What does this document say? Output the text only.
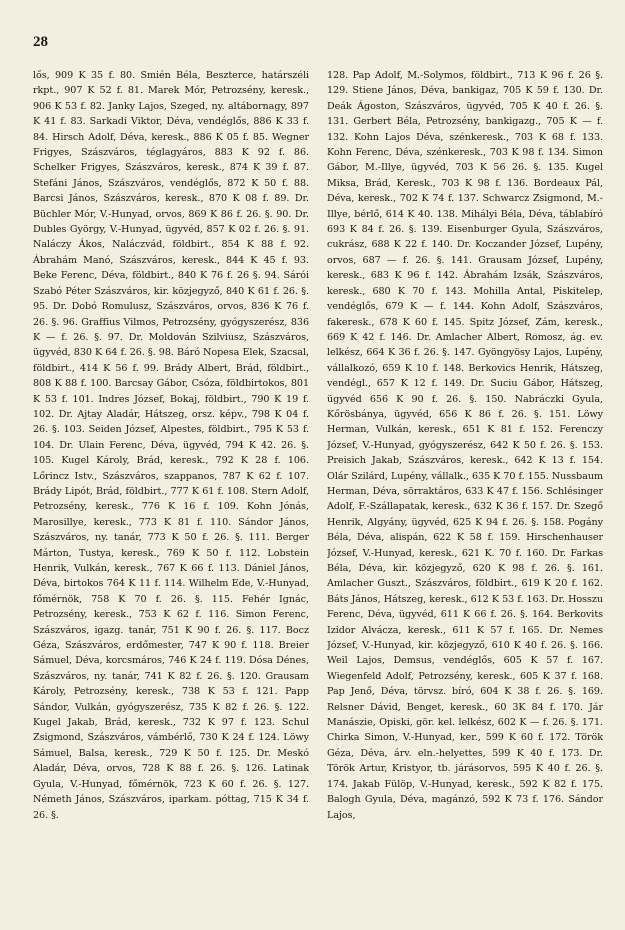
28
lős, 909 K 35 f. 80. Smién Béla, Beszterce, határszéli rkpt., 907 K 52 f. 81. Marek Mór, Petrozsény, keresk., 906 K 53 f. 82. Janky Lajos, Szeged, ny. altábornagy, 897 K 41 f. 83. Sarkadi Viktor, Déva, vendéglős, 886 K 33 f. 84. Hirsch Adolf, Déva, keresk., 886 K 05 f. 85. Wegner Frigyes, Szászváros, téglagyáros, 883 K 92 f. 86. Schelker Frigyes, Szászváros, keresk., 874 K 39 f. 87. Stefáni János, Szászváros, vendéglős, 872 K 50 f. 88. Barcsi János, Szászváros, keresk., 870 K 08 f. 89. Dr. Büchler Mór, V.-Hunyad, orvos, 869 K 86 f. 26. §. 90. Dr. Dubles György, V.-Hunyad, ügyvéd, 857 K 02 f. 26. §. 91. Naláczy Ákos, Naláczvád, földbirt., 854 K 88 f. 92. Ábrahám Manó, Szászváros, keresk., 844 K 45 f. 93. Beke Ferenc, Déva, földbirt., 840 K 76 f. 26 §. 94. Sárói Szabó Péter Szászváros, kir. közjegyző, 840 K 61 f. 26. §. 95. Dr. Dobó Romulusz, Szászváros, orvos, 836 K 76 f. 26. §. 96. Graffius Vilmos, Petrozsény, gyógyszerész, 836 K — f. 26. §. 97. Dr. Moldován Szilviusz, Szászváros, ügyvéd, 830 K 64 f. 26. §. 98. Báró Nopesa Elek, Szacsal, földbirt., 414 K 56 f. 99. Brády Albert, Brád, földbirt., 808 K 88 f. 100. Barcsay Gábor, Csóza, földbirtokos, 801 K 53 f. 101. Indres József, Bokaj, földbirt., 790 K 19 f. 102. Dr. Ajtay Aladár, Hátszeg, orsz. képv., 798 K 04 f. 26. §. 103. Seiden József, Alpestes, földbirt., 795 K 53 f. 104. Dr. Ulain Ferenc, Déva, ügyvéd, 794 K 42. 26. §. 105. Kugel Károly, Brád, keresk., 792 K 28 f. 106. Lőrincz Istv., Szászváros, szappanos, 787 K 62 f. 107. Brády Lipót, Brád, földbirt., 777 K 61 f. 108. Stern Adolf, Petrozsény, keresk., 776 K 16 f. 109. Kohn Jónás, Marosillye, keresk., 773 K 81 f. 110. Sándor János, Szászváros, ny. tanár, 773 K 50 f. 26. §. 111. Berger Márton, Tustya, keresk., 769 K 50 f. 112. Lobstein Henrik, Vulkán, keresk., 767 K 66 f. 113. Dániel János, Déva, birtokos 764 K 11 f. 114. Wilhelm Ede, V.-Hunyad, főmérnök, 758 K 70 f. 26. §. 115. Fehér Ignác, Petrozsény, keresk., 753 K 62 f. 116. Simon Ferenc, Szászváros, igazg. tanár, 751 K 90 f. 26. §. 117. Bocz Géza, Szászváros, erdőmester, 747 K 90 f. 118. Breier Sámuel, Déva, korcsmáros, 746 K 24 f. 119. Dósa Dénes, Szászváros, ny. tanár, 741 K 82 f. 26. §. 120. Grausam Károly, Petrozsény, keresk., 738 K 53 f. 121. Papp Sándor, Vulkán, gyógyszerész, 735 K 82 f. 26. §. 122. Kugel Jakab, Brád, keresk., 732 K 97 f. 123. Schul Zsigmond, Szászváros, vámbérlő, 730 K 24 f. 124. Löwy Sámuel, Balsa, keresk., 729 K 50 f. 125. Dr. Meskó Aladár, Déva, orvos, 728 K 88 f. 26. §. 126. Latinak Gyula, V.-Hunyad, főmérnök, 723 K 60 f. 26. §. 127. Németh János, Szászváros, iparkam. póttag, 715 K 34 f. 26. §.
128. Pap Adolf, M.-Solymos, földbirt., 713 K 96 f. 26 §. 129. Stiene János, Déva, bankigaz, 705 K 59 f. 130. Dr. Deák Ágoston, Szászváros, ügyvéd, 705 K 40 f. 26. §. 131. Gerbert Béla, Petrozsény, bankigazg., 705 K — f. 132. Kohn Lajos Déva, szénkeresk., 703 K 68 f. 133. Kohn Ferenc, Déva, szénkeresk., 703 K 98 f. 134. Simon Gábor, M.-Illye, ügyvéd, 703 K 56 26. §. 135. Kugel Miksa, Brád, Keresk., 703 K 98 f. 136. Bordeaux Pál, Déva, keresk., 702 K 74 f. 137. Schwarcz Zsigmond, M.-Illye, bérlő, 614 K 40. 138. Mihályi Béla, Déva, táblabíró 693 K 84 f. 26. §. 139. Eisenburger Gyula, Szászváros, cukrász, 688 K 22 f. 140. Dr. Koczander József, Lupény, orvos, 687 — f. 26. §. 141. Grausam József, Lupény, keresk., 683 K 96 f. 142. Ábrahám Izsák, Szászváros, keresk., 680 K 70 f. 143. Mohilla Antal, Piskitelep, vendéglős, 679 K — f. 144. Kohn Adolf, Szászváros, fakeresk., 678 K 60 f. 145. Spitz József, Zám, keresk., 669 K 42 f. 146. Dr. Amlacher Albert, Romosz, ág. ev. lelkész, 664 K 36 f. 26. §. 147. Gyöngyösy Lajos, Lupény, vállalkozó, 659 K 10 f. 148. Berkovics Henrik, Hátszeg, vendégl., 657 K 12 f. 149. Dr. Suciu Gábor, Hátszeg, ügyvéd 656 K 90 f. 26. §. 150. Nabráczki Gyula, Kőrösbánya, ügyvéd, 656 K 86 f. 26. §. 151. Löwy Herman, Vulkán, keresk., 651 K 81 f. 152. Ferenczy József, V.-Hunyad, gyógyszerész, 642 K 50 f. 26. §. 153. Preisich Jakab, Szászváros, keresk., 642 K 13 f. 154. Olár Szilárd, Lupény, vállalk., 635 K 70 f. 155. Nussbaum Herman, Déva, sörraktáros, 633 K 47 f. 156. Schlésinger Adolf, F.-Szállapatak, keresk., 632 K 36 f. 157. Dr. Szegő Henrik, Algyány, ügyvéd, 625 K 94 f. 26. §. 158. Pogány Béla, Déva, alispán, 622 K 58 f. 159. Hirschenhauser József, V.-Hunyad, keresk., 621 K. 70 f. 160. Dr. Farkas Béla, Déva, kir. közjegyző, 620 K 98 f. 26. §. 161. Amlacher Guszt., Szászváros, földbirt., 619 K 20 f. 162. Báts János, Hátszeg, keresk., 612 K 53 f. 163. Dr. Hosszu Ferenc, Déva, ügyvéd, 611 K 66 f. 26. §. 164. Berkovits Izidor Alvácza, keresk., 611 K 57 f. 165. Dr. Nemes József, V.-Hunyad, kir. közjegyző, 610 K 40 f. 26. §. 166. Weil Lajos, Demsus, vendéglős, 605 K 57 f. 167. Wiegenfeld Adolf, Petrozsény, keresk., 605 K 37 f. 168. Pap Jenő, Déva, törvsz. bíró, 604 K 38 f. 26. §. 169. Relsner Dávid, Benget, keresk., 60 3K 84 f. 170. Jár Manászie, Opiski, gör. kel. lelkész, 602 K — f. 26. §. 171. Chirka Simon, V.-Hunyad, ker., 599 K 60 f. 172. Török Géza, Déva, árv. eln.-helyettes, 599 K 40 f. 173. Dr. Török Artur, Kristyor, tb. járásorvos, 595 K 40 f. 26. §. 174. Jakab Fülöp, V.-Hunyad, keresk., 592 K 82 f. 175. Balogh Gyula, Déva, magánzó, 592 K 73 f. 176. Sándor Lajos,
